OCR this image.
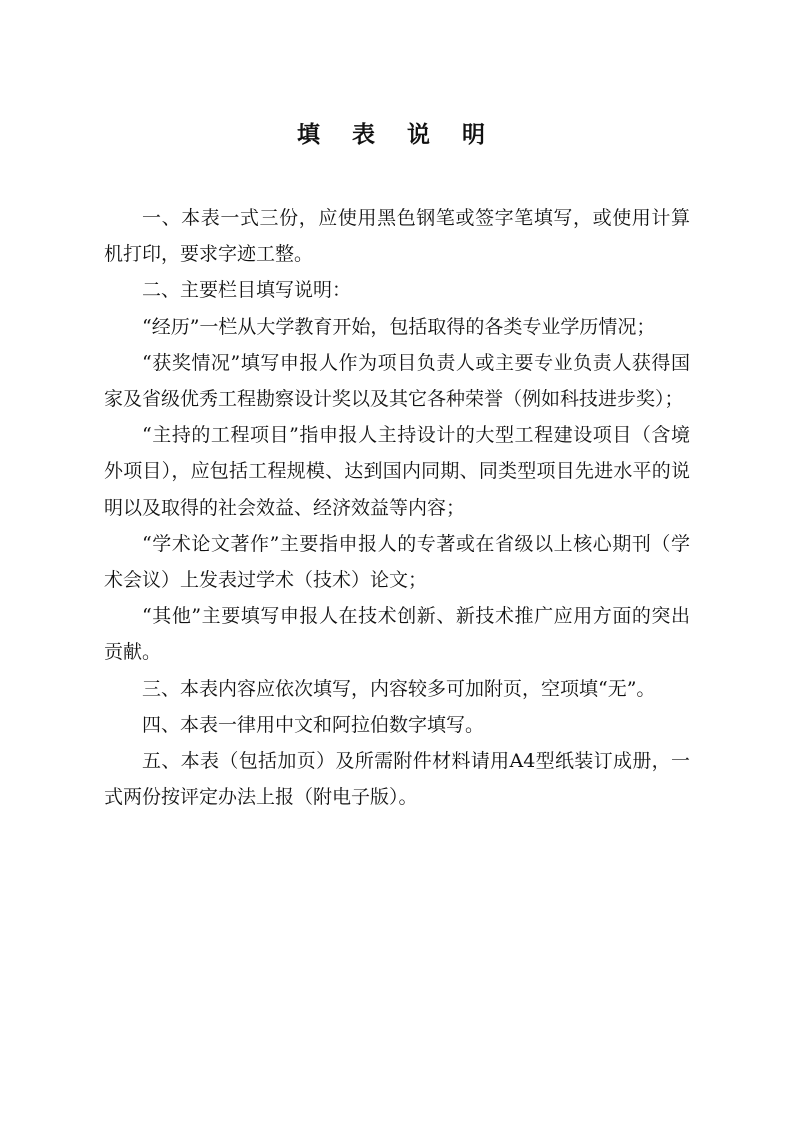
填 表 说 明

一、本表一式三份，应使用黑色钢笔或签字笔填写，或使用计算机打印，要求字迹工整。

二、主要栏目填写说明：

“经历”一栏从大学教育开始，包括取得的各类专业学历情况；

“获奖情况”填写申报人作为项目负责人或主要专业负责人获得国家及省级优秀工程勘察设计奖以及其它各种荣誉（例如科技进步奖）；

“主持的工程项目”指申报人主持设计的大型工程建设项目（含境外项目），应包括工程规模、达到国内同期、同类型项目先进水平的说明以及取得的社会效益、经济效益等内容；

“学术论文著作”主要指申报人的专著或在省级以上核心期刊（学术会议）上发表过学术（技术）论文；

“其他”主要填写申报人在技术创新、新技术推广应用方面的突出贡献。

三、本表内容应依次填写，内容较多可加附页，空项填“无”。

四、本表一律用中文和阿拉伯数字填写。

五、本表（包括加页）及所需附件材料请用A4型纸装订成册，一式两份按评定办法上报（附电子版）。
